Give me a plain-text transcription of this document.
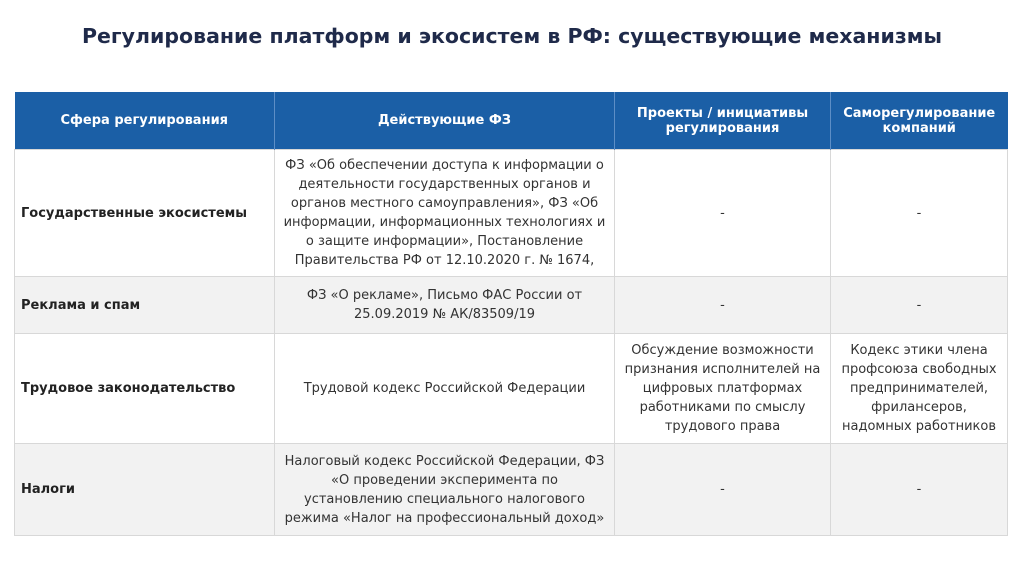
Регулирование платформ и экосистем в РФ: существующие механизмы
Сфера регулирования	Действующие ФЗ	Проекты / инициативы регулирования	Саморегулирование компаний
Государственные экосистемы	ФЗ «Об обеспечении доступа к информации о деятельности государственных органов и органов местного самоуправления», ФЗ «Об информации, информационных технологиях и о защите информации», Постановление Правительства РФ от 12.10.2020 г. № 1674,	-	-
Реклама и спам	ФЗ «О рекламе», Письмо ФАС России от 25.09.2019 № АК/83509/19	-	-
Трудовое законодательство	Трудовой кодекс Российской Федерации	Обсуждение возможности признания исполнителей на цифровых платформах работниками по смыслу трудового права	Кодекс этики члена профсоюза свободных предпринимателей, фрилансеров, надомных работников
Налоги	Налоговый кодекс Российской Федерации, ФЗ «О проведении эксперимента по установлению специального налогового режима «Налог на профессиональный доход»	-	-
